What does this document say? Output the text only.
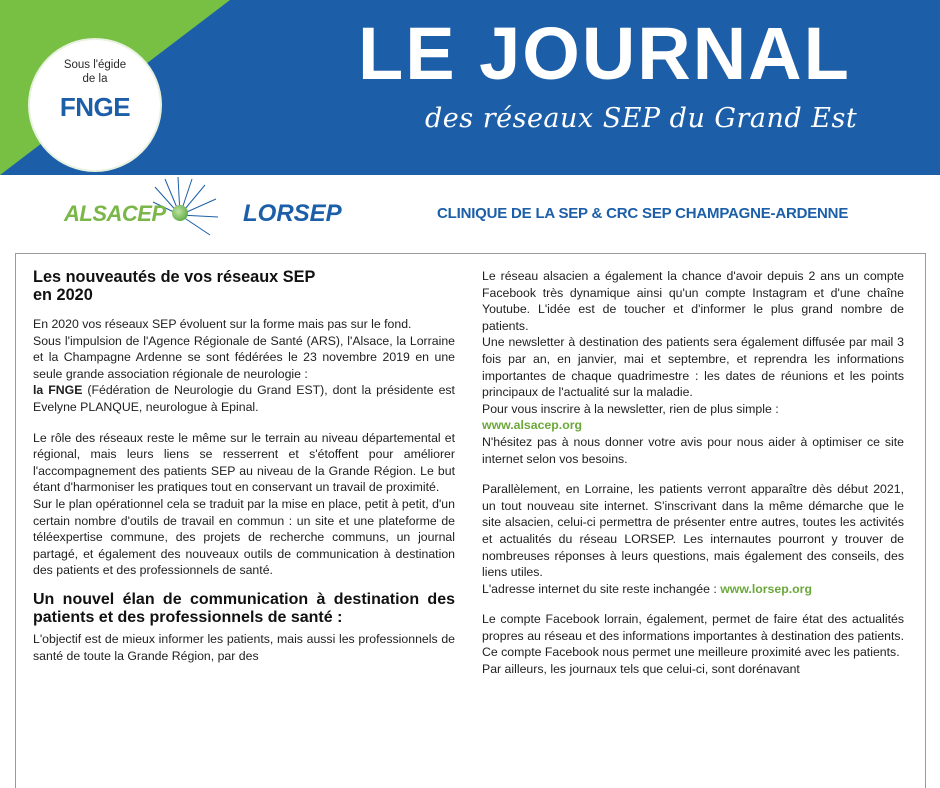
Sous l'égide
de la
FNGE
LE JOURNAL
des réseaux SEP du Grand Est
ALSACEP	LORSEP	CLINIQUE DE LA SEP & CRC SEP CHAMPAGNE-ARDENNE
Les nouveautés de vos réseaux SEP
en 2020

En 2020 vos réseaux SEP évoluent sur la forme mais pas sur le fond.

Sous l'impulsion de l'Agence Régionale de Santé (ARS), l'Alsace, la Lorraine et la Champagne Ardenne se sont fédérées le 23 novembre 2019 en une seule grande association régionale de neurologie :

la FNGE (Fédération de Neurologie du Grand EST), dont la présidente est Evelyne PLANQUE, neurologue à Epinal.

Le rôle des réseaux reste le même sur le terrain au niveau départemental et régional, mais leurs liens se resserrent et s'étoffent pour améliorer l'accompagnement des patients SEP au niveau de la Grande Région. Le but étant d'harmoniser les pratiques tout en conservant un travail de proximité.

Sur le plan opérationnel cela se traduit par la mise en place, petit à petit, d'un certain nombre d'outils de travail en commun : un site et une plateforme de téléexpertise commune, des projets de recherche communs, un journal partagé, et également des nouveaux outils de communication à destination des patients et des professionnels de santé.

Un nouvel élan de communication à destination des patients et des professionnels de santé :

L'objectif est de mieux informer les patients, mais aussi les professionnels de santé de toute la Grande Région, par des

Le réseau alsacien a également la chance d'avoir depuis 2 ans un compte Facebook très dynamique ainsi qu'un compte Instagram et d'une chaîne Youtube. L'idée est de toucher et d'informer le plus grand nombre de patients.

Une newsletter à destination des patients sera également diffusée par mail 3 fois par an, en janvier, mai et septembre, et reprendra les informations importantes de chaque quadrimestre : les dates de réunions et les points principaux de l'actualité sur la maladie.

Pour vous inscrire à la newsletter, rien de plus simple :

www.alsacep.org

N'hésitez pas à nous donner votre avis pour nous aider à optimiser ce site internet selon vos besoins.

Parallèlement, en Lorraine, les patients verront apparaître dès début 2021, un tout nouveau site internet. S'inscrivant dans la même démarche que le site alsacien, celui-ci permettra de présenter entre autres, toutes les activités et actualités du réseau LORSEP. Les internautes pourront y trouver de nombreuses réponses à leurs questions, mais également des conseils, des liens utiles.

L'adresse internet du site reste inchangée : www.lorsep.org

Le compte Facebook lorrain, également, permet de faire état des actualités propres au réseau et des informations importantes à destination des patients. Ce compte Facebook nous permet une meilleure proximité avec les patients.

Par ailleurs, les journaux tels que celui-ci, sont dorénavant
